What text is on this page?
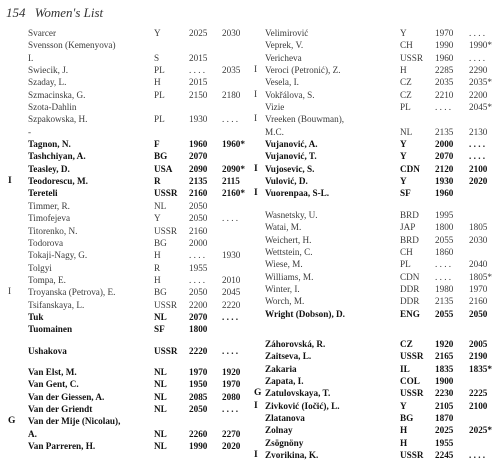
154 Women's List
Svarcer	Y	2025	2030
Svensson (Kemenyova)
I.	S	2015
Swiecik, J.	PL	. . . .	2035
Szaday, L.	H	2015
Szmacinska, G.	PL	2150	2180
Szota-Dahlin
Szpakowska, H.	PL	1930	. . . .
-
Tagnon, N.	F	1960	1960*
Tashchiyan, A.	BG	2070
Teasley, D.	USA	2090	2090*
I	Teodorescu, M.	R	2135	2115
Tereteli	USSR	2160	2160*
Timmer, R.	NL	2050
Timofejeva	Y	2050	. . . .
Titorenko, N.	USSR	2160
Todorova	BG	2000
Tokaji-Nagy, G.	H	. . . .	1930
Tolgyi	R	1955
Tompa, E.	H	. . . .	2010
I	Troyanska (Petrova), E.	BG	2050	2045
Tsifanskaya, L.	USSR	2200	2220
Tuk	NL	2070	. . . .
Tuomainen	SF	1800
Ushakova	USSR	2220	. . . .
Van Elst, M.	NL	1970	1920
Van Gent, C.	NL	1950	1970
Van der Giessen, A.	NL	2085	2080
Van der Griendt	NL	2050	. . . .
G Van der Mije (Nicolau),
A.	NL	2260	2270
Van Parreren, H.	NL	1990	2020
Velimirović	Y	1970	. . . .
Veprek, V.	CH	1990	1990*
Vericheva	USSR	1960	. . . .
I Veroci (Petronić), Z.	H	2285	2290
Vesela, I.	CZ	2035	2035*
I Vokřálova, S.	CZ	2210	2200
Vizie	PL	. . . .	2045*
I Vreeken (Bouwman),
M.C.	NL	2135	2130
Vujanović, A.	Y	2000	. . . .
Vujanović, T.	Y	2070	. . . .
I Vujosevic, S.	CDN	2120	2100
Vulović, D.	Y	1930	2020
I Vuorenpaa, S-L.	SF	1960
Wasnetsky, U.	BRD	1995
Watai, M.	JAP	1800	1805
Weichert, H.	BRD	2055	2030
Wettstein, C.	CH	1860
Wiese, M.	PL	. . . .	2040
Williams, M.	CDN	. . . .	1805*
Winter, I.	DDR	1980	1970
Worch, M.	DDR	2135	2160
Wright (Dobson), D.	ENG	2055	2050
Záhorovská, R.	CZ	1920	2005
Zaitseva, L.	USSR	2165	2190
Zakaria	IL	1835	1835*
Zapata, I.	COL	1900
G Zatulovskaya, T.	USSR	2230	2225
I Zivković (Iočić), L.	Y	2105	2100
Zlatanova	BG	1870
Zolnay	H	2025	2025*
Zsögnöny	H	1955
I Zvorikina, K.	USSR	2245	. . . .
